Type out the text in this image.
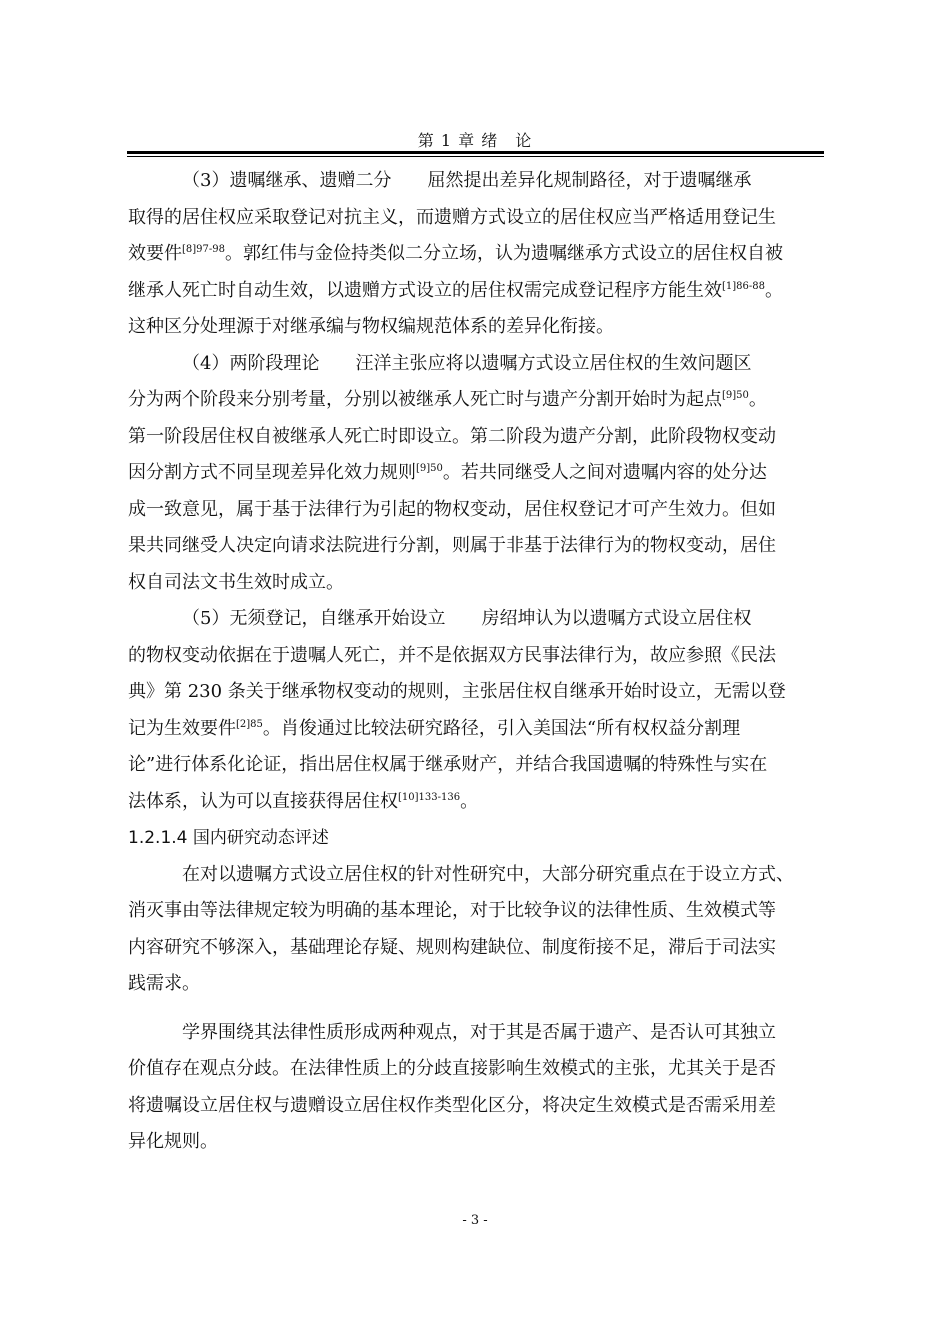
第 1 章 绪　论
（3）遗嘱继承、遗赠二分　　屈然提出差异化规制路径，对于遗嘱继承
取得的居住权应采取登记对抗主义，而遗赠方式设立的居住权应当严格适用登记生
效要件$^{[8]97-98}$。郭红伟与金俭持类似二分立场，认为遗嘱继承方式设立的居住权自被
继承人死亡时自动生效，以遗赠方式设立的居住权需完成登记程序方能生效$^{[1]86-88}$。
这种区分处理源于对继承编与物权编规范体系的差异化衔接。
（4）两阶段理论　　汪洋主张应将以遗嘱方式设立居住权的生效问题区
分为两个阶段来分别考量，分别以被继承人死亡时与遗产分割开始时为起点$^{[9]50}$。
第一阶段居住权自被继承人死亡时即设立。第二阶段为遗产分割，此阶段物权变动
因分割方式不同呈现差异化效力规则$^{[9]50}$。若共同继受人之间对遗嘱内容的处分达
成一致意见，属于基于法律行为引起的物权变动，居住权登记才可产生效力。但如
果共同继受人决定向请求法院进行分割，则属于非基于法律行为的物权变动，居住
权自司法文书生效时成立。
（5）无须登记，自继承开始设立　　房绍坤认为以遗嘱方式设立居住权
的物权变动依据在于遗嘱人死亡，并不是依据双方民事法律行为，故应参照《民法
典》第 230 条关于继承物权变动的规则，主张居住权自继承开始时设立，无需以登
记为生效要件$^{[2]85}$。肖俊通过比较法研究路径，引入美国法“所有权权益分割理
论”进行体系化论证，指出居住权属于继承财产，并结合我国遗嘱的特殊性与实在
法体系，认为可以直接获得居住权$^{[10]133-136}$。
1.2.1.4 国内研究动态评述
在对以遗嘱方式设立居住权的针对性研究中，大部分研究重点在于设立方式、
消灭事由等法律规定较为明确的基本理论，对于比较争议的法律性质、生效模式等
内容研究不够深入，基础理论存疑、规则构建缺位、制度衔接不足，滞后于司法实
践需求。
学界围绕其法律性质形成两种观点，对于其是否属于遗产、是否认可其独立
价值存在观点分歧。在法律性质上的分歧直接影响生效模式的主张，尤其关于是否
将遗嘱设立居住权与遗赠设立居住权作类型化区分，将决定生效模式是否需采用差
异化规则。
- 3 -
